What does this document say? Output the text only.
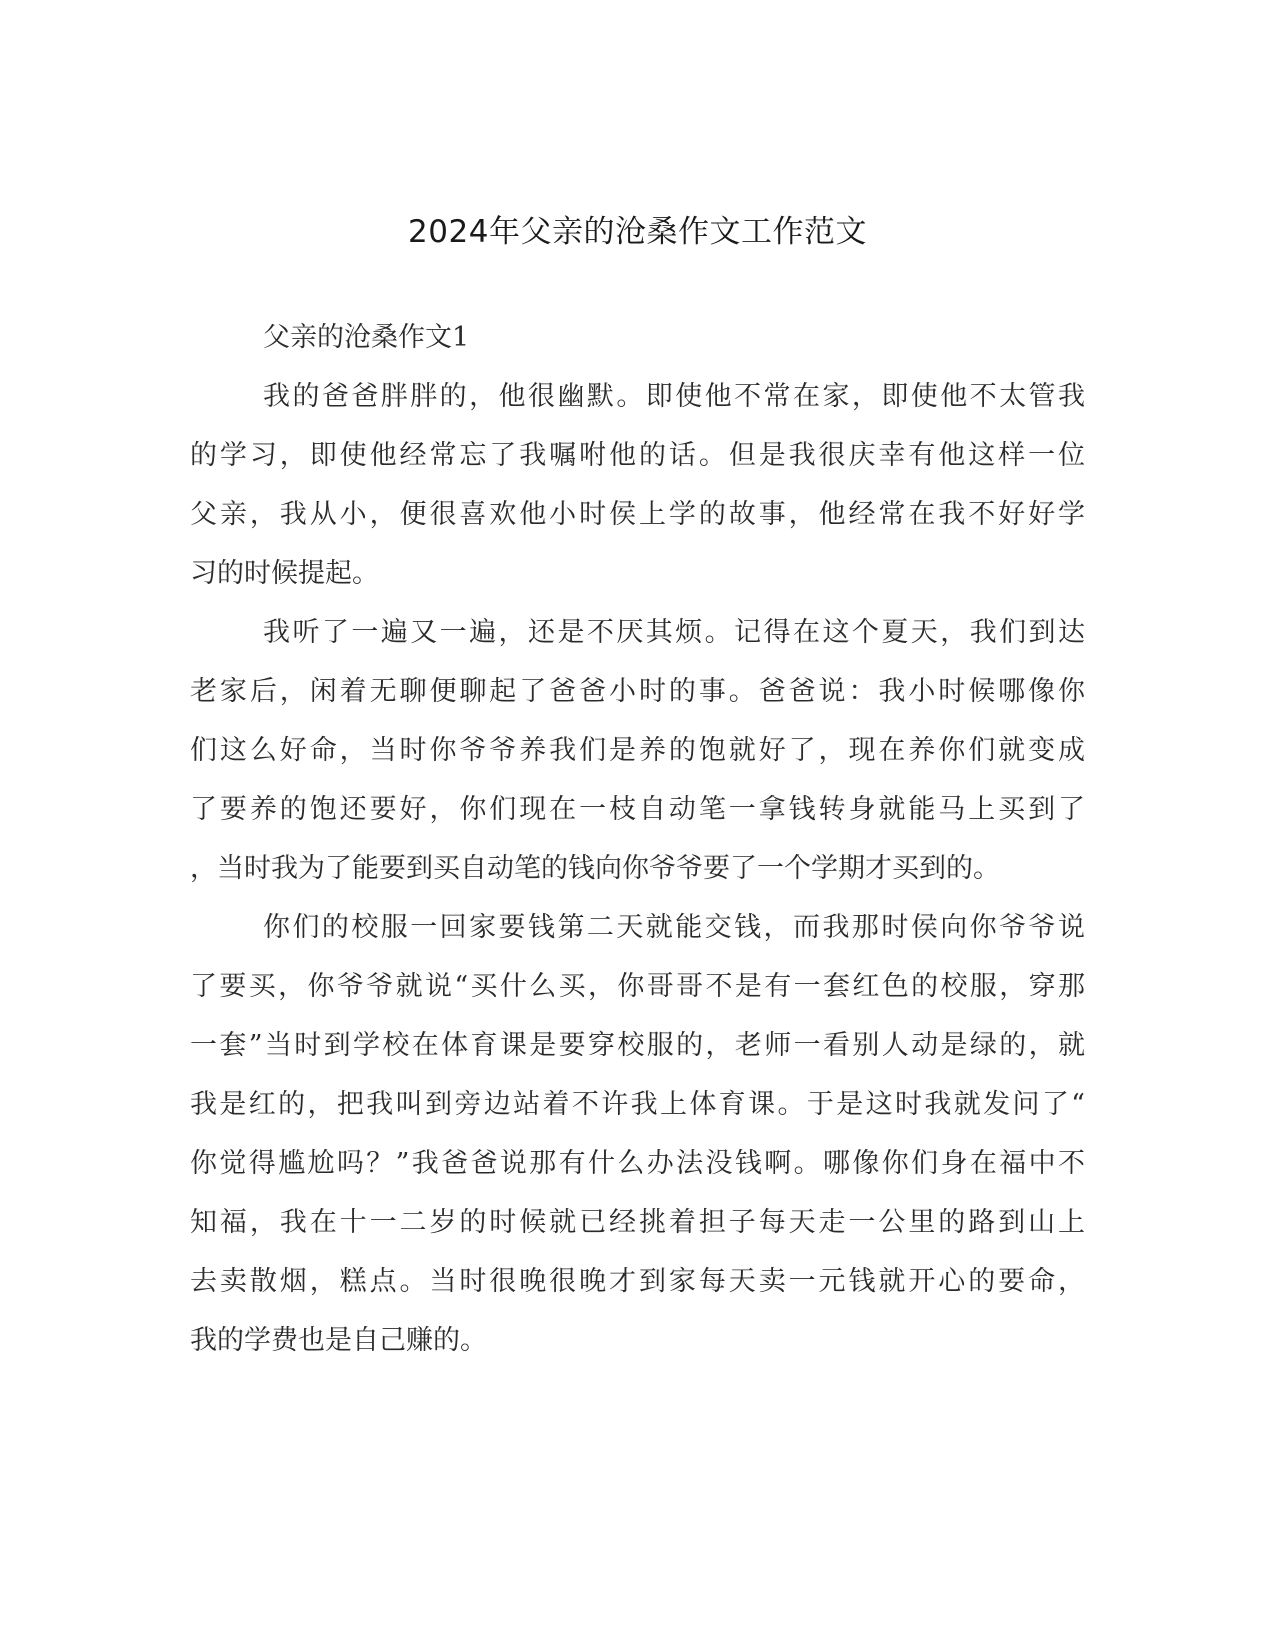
2024年父亲的沧桑作文工作范文
父亲的沧桑作文1
我的爸爸胖胖的，他很幽默。即使他不常在家，即使他不太管我
的学习，即使他经常忘了我嘱咐他的话。但是我很庆幸有他这样一位
父亲，我从小，便很喜欢他小时侯上学的故事，他经常在我不好好学
习的时候提起。
我听了一遍又一遍，还是不厌其烦。记得在这个夏天，我们到达
老家后，闲着无聊便聊起了爸爸小时的事。爸爸说：我小时候哪像你
们这么好命，当时你爷爷养我们是养的饱就好了，现在养你们就变成
了要养的饱还要好，你们现在一枝自动笔一拿钱转身就能马上买到了
，当时我为了能要到买自动笔的钱向你爷爷要了一个学期才买到的。
你们的校服一回家要钱第二天就能交钱，而我那时侯向你爷爷说
了要买，你爷爷就说“买什么买，你哥哥不是有一套红色的校服，穿那
一套”当时到学校在体育课是要穿校服的，老师一看别人动是绿的，就
我是红的，把我叫到旁边站着不许我上体育课。于是这时我就发问了“
你觉得尴尬吗？”我爸爸说那有什么办法没钱啊。哪像你们身在福中不
知福，我在十一二岁的时候就已经挑着担子每天走一公里的路到山上
去卖散烟，糕点。当时很晚很晚才到家每天卖一元钱就开心的要命，
我的学费也是自己赚的。
